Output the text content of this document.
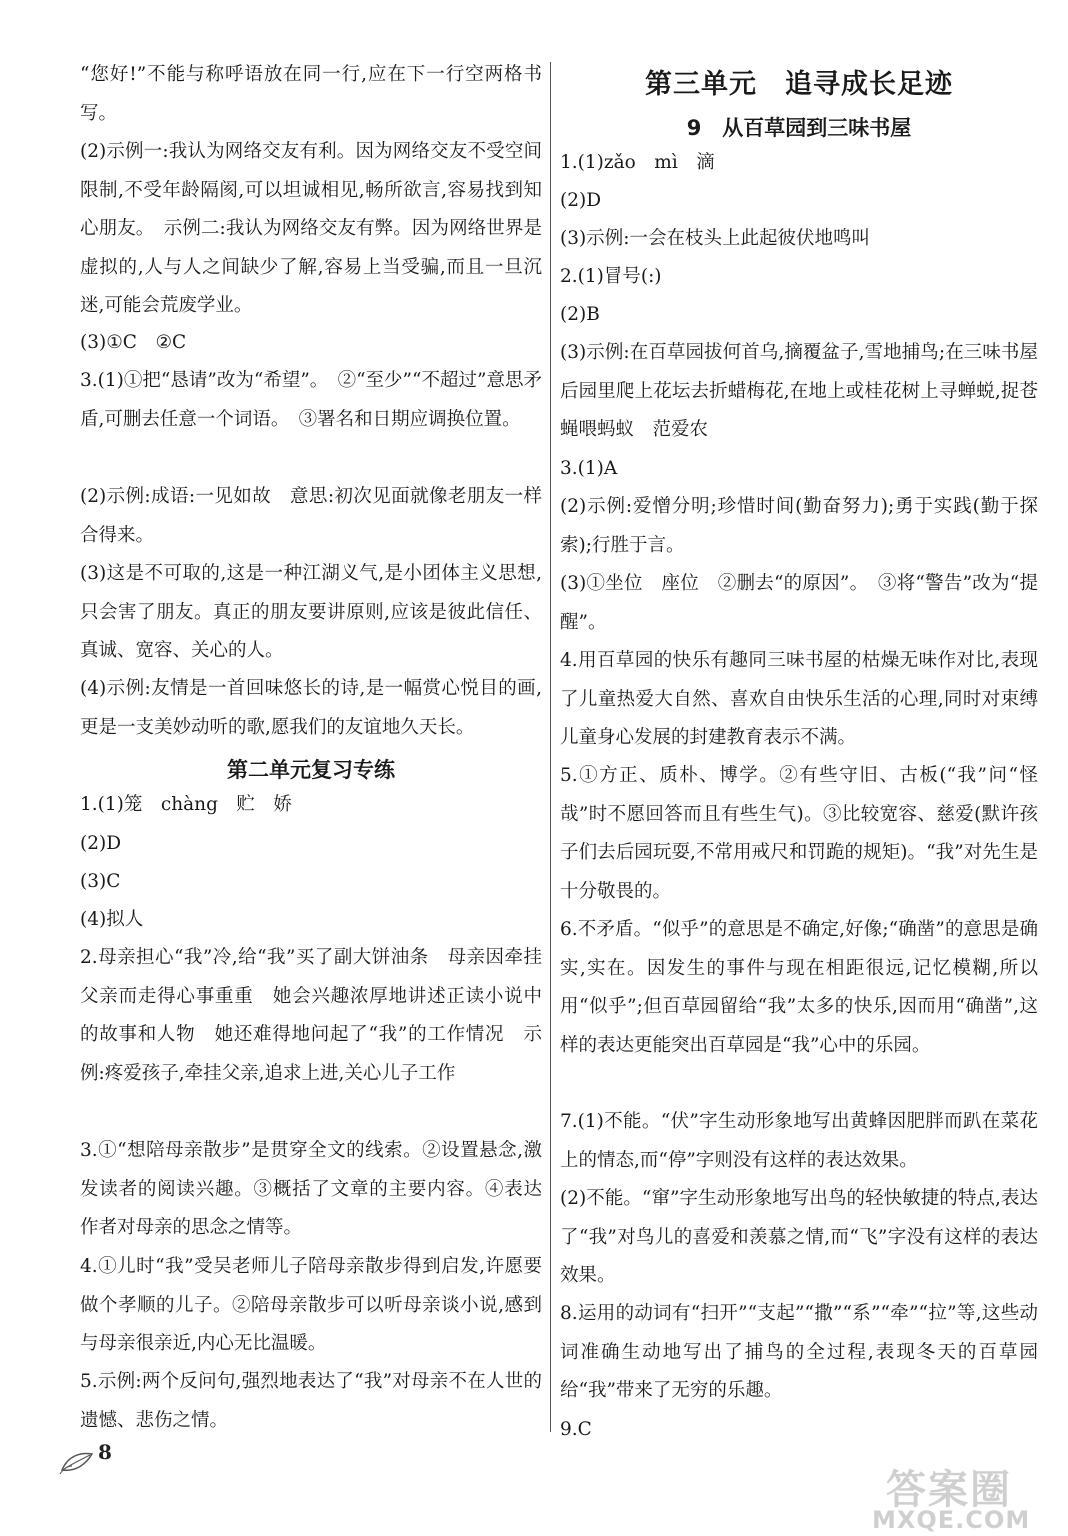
“您好!”不能与称呼语放在同一行,应在下一行空两格书写。
(2)示例一:我认为网络交友有利。因为网络交友不受空间限制,不受年龄隔阂,可以坦诚相见,畅所欲言,容易找到知心朋友。　示例二:我认为网络交友有弊。因为网络世界是虚拟的,人与人之间缺少了解,容易上当受骗,而且一旦沉迷,可能会荒废学业。
(3)①C　②C
3.(1)①把“恳请”改为“希望”。　②“至少”“不超过”意思矛盾,可删去任意一个词语。　③署名和日期应调换位置。
(2)示例:成语:一见如故　意思:初次见面就像老朋友一样合得来。
(3)这是不可取的,这是一种江湖义气,是小团体主义思想,只会害了朋友。真正的朋友要讲原则,应该是彼此信任、真诚、宽容、关心的人。
(4)示例:友情是一首回味悠长的诗,是一幅赏心悦目的画,更是一支美妙动听的歌,愿我们的友谊地久天长。
第二单元复习专练
1.(1)笼　chàng　贮　娇
(2)D
(3)C
(4)拟人
2.母亲担心“我”冷,给“我”买了副大饼油条　母亲因牵挂父亲而走得心事重重　她会兴趣浓厚地讲述正读小说中的故事和人物　她还难得地问起了“我”的工作情况　示例:疼爱孩子,牵挂父亲,追求上进,关心儿子工作
3.①“想陪母亲散步”是贯穿全文的线索。②设置悬念,激发读者的阅读兴趣。③概括了文章的主要内容。④表达作者对母亲的思念之情等。
4.①儿时“我”受吴老师儿子陪母亲散步得到启发,许愿要做个孝顺的儿子。②陪母亲散步可以听母亲谈小说,感到与母亲很亲近,内心无比温暖。
5.示例:两个反问句,强烈地表达了“我”对母亲不在人世的遗憾、悲伤之情。
第三单元　追寻成长足迹
9　从百草园到三味书屋
1.(1)zǎo　mì　滴
(2)D
(3)示例:一会在枝头上此起彼伏地鸣叫
2.(1)冒号(:)
(2)B
(3)示例:在百草园拔何首乌,摘覆盆子,雪地捕鸟;在三味书屋后园里爬上花坛去折蜡梅花,在地上或桂花树上寻蝉蜕,捉苍蝇喂蚂蚁　范爱农
3.(1)A
(2)示例:爱憎分明;珍惜时间(勤奋努力);勇于实践(勤于探索);行胜于言。
(3)①坐位　座位　②删去“的原因”。　③将“警告”改为“提醒”。
4.用百草园的快乐有趣同三味书屋的枯燥无味作对比,表现了儿童热爱大自然、喜欢自由快乐生活的心理,同时对束缚儿童身心发展的封建教育表示不满。
5.①方正、质朴、博学。②有些守旧、古板(“我”问“怪哉”时不愿回答而且有些生气)。③比较宽容、慈爱(默许孩子们去后园玩耍,不常用戒尺和罚跪的规矩)。“我”对先生是十分敬畏的。
6.不矛盾。“似乎”的意思是不确定,好像;“确凿”的意思是确实,实在。因发生的事件与现在相距很远,记忆模糊,所以用“似乎”;但百草园留给“我”太多的快乐,因而用“确凿”,这样的表达更能突出百草园是“我”心中的乐园。
7.(1)不能。“伏”字生动形象地写出黄蜂因肥胖而趴在菜花上的情态,而“停”字则没有这样的表达效果。
(2)不能。“窜”字生动形象地写出鸟的轻快敏捷的特点,表达了“我”对鸟儿的喜爱和羡慕之情,而“飞”字没有这样的表达效果。
8.运用的动词有“扫开”“支起”“撒”“系”“牵”“拉”等,这些动词准确生动地写出了捕鸟的全过程,表现冬天的百草园给“我”带来了无穷的乐趣。
9.C
8
答案圈
MXQE.COM
